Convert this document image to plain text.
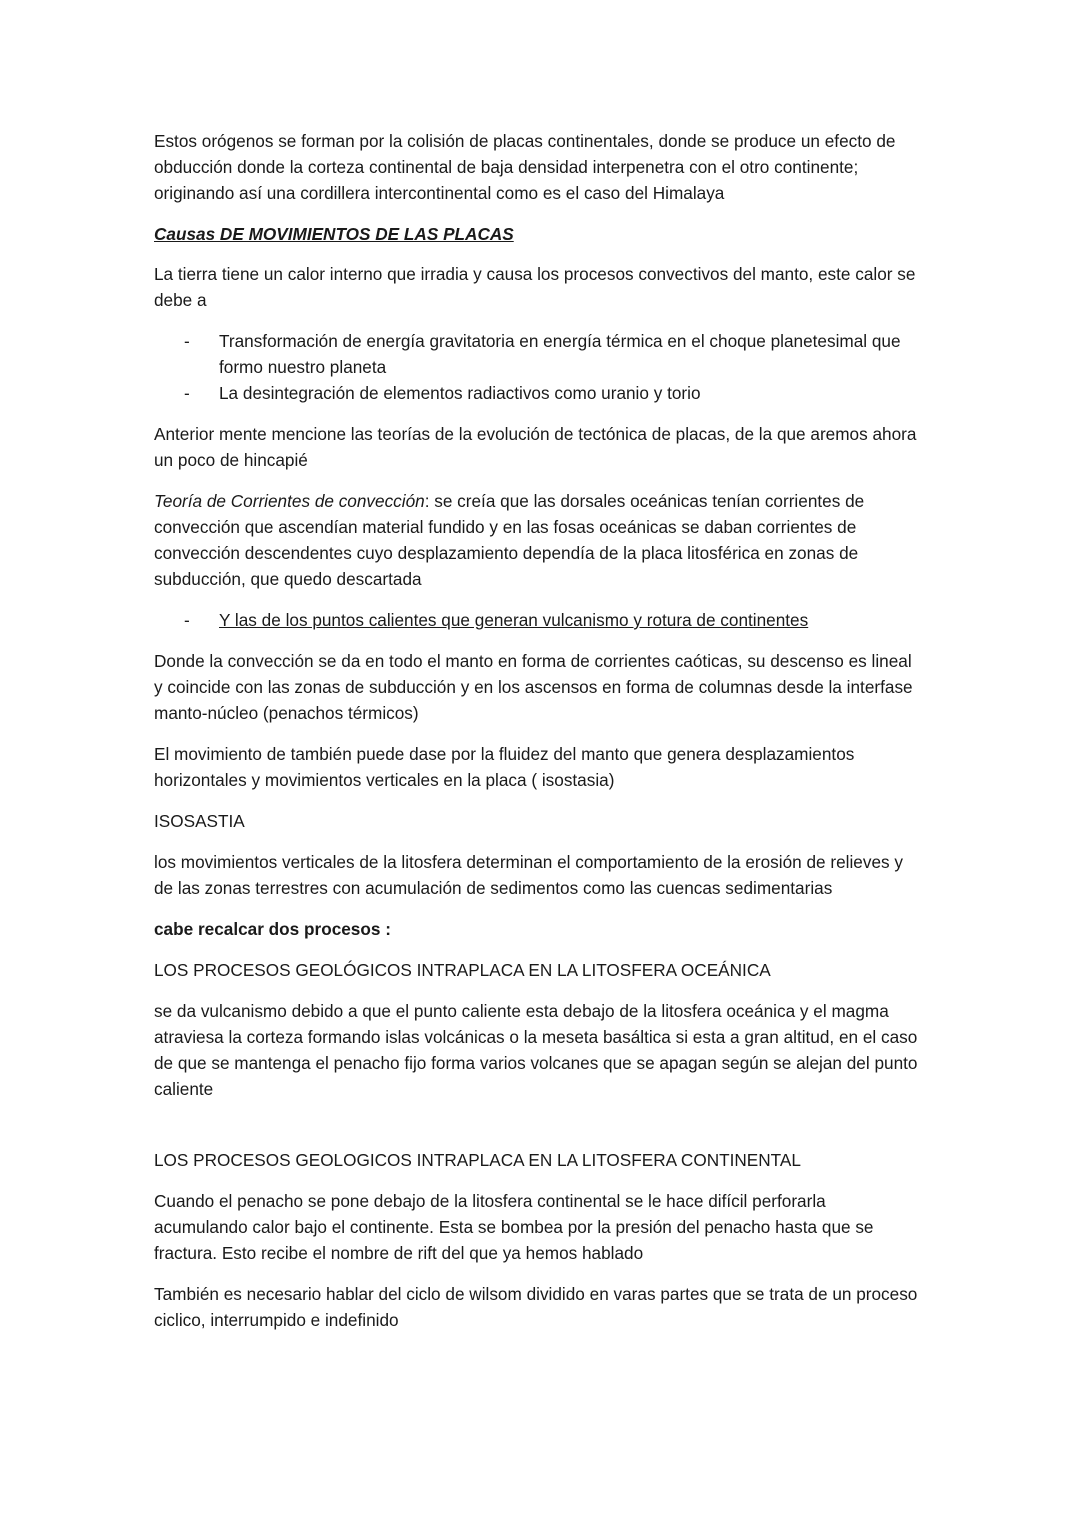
Estos orógenos se forman por la colisión de placas continentales, donde se produce un efecto de obducción donde la corteza continental de baja densidad interpenetra con el otro continente; originando así una cordillera intercontinental como es el caso del Himalaya

Causas DE MOVIMIENTOS DE LAS PLACAS

La tierra tiene un calor interno que irradia y causa los procesos convectivos del manto, este calor se debe a

- Transformación de energía gravitatoria en energía térmica en el choque planetesimal que formo nuestro planeta
- La desintegración de elementos radiactivos como uranio y torio

Anterior mente mencione las teorías de la evolución de tectónica de placas, de la que aremos ahora un poco de hincapié

Teoría de Corrientes de convección: se creía que las dorsales oceánicas tenían corrientes de convección que ascendían material fundido y en las fosas oceánicas se daban corrientes de convección descendentes cuyo desplazamiento dependía de la placa litosférica en zonas de subducción, que quedo descartada

- Y las de los puntos calientes que generan vulcanismo y rotura de continentes

Donde la convección se da en todo el manto en forma de corrientes caóticas, su descenso es lineal y coincide con las zonas de subducción y en los ascensos en forma de columnas desde la interfase manto-núcleo (penachos térmicos)

El movimiento de también puede dase por la fluidez del manto que genera desplazamientos horizontales y movimientos verticales en la placa ( isostasia)

ISOSASTIA

los movimientos verticales de la litosfera determinan el comportamiento de la erosión de relieves y de las zonas terrestres con acumulación de sedimentos como las cuencas sedimentarias

cabe recalcar dos procesos :

LOS PROCESOS GEOLÓGICOS INTRAPLACA EN LA LITOSFERA OCEÁNICA

se da vulcanismo debido a que el punto caliente esta debajo de la litosfera oceánica y el magma atraviesa la corteza formando islas volcánicas o la meseta basáltica si esta a gran altitud, en el caso de que se mantenga el penacho fijo forma varios volcanes que se apagan según se alejan del punto caliente

LOS PROCESOS GEOLOGICOS INTRAPLACA EN LA LITOSFERA CONTINENTAL

Cuando el penacho se pone debajo de la litosfera continental se le hace difícil perforarla acumulando calor bajo el continente. Esta se bombea por la presión del penacho hasta que se fractura. Esto recibe el nombre de rift del que ya hemos hablado

También es necesario hablar del ciclo de wilsom dividido en varas partes que se trata de un proceso ciclico, interrumpido e indefinido
